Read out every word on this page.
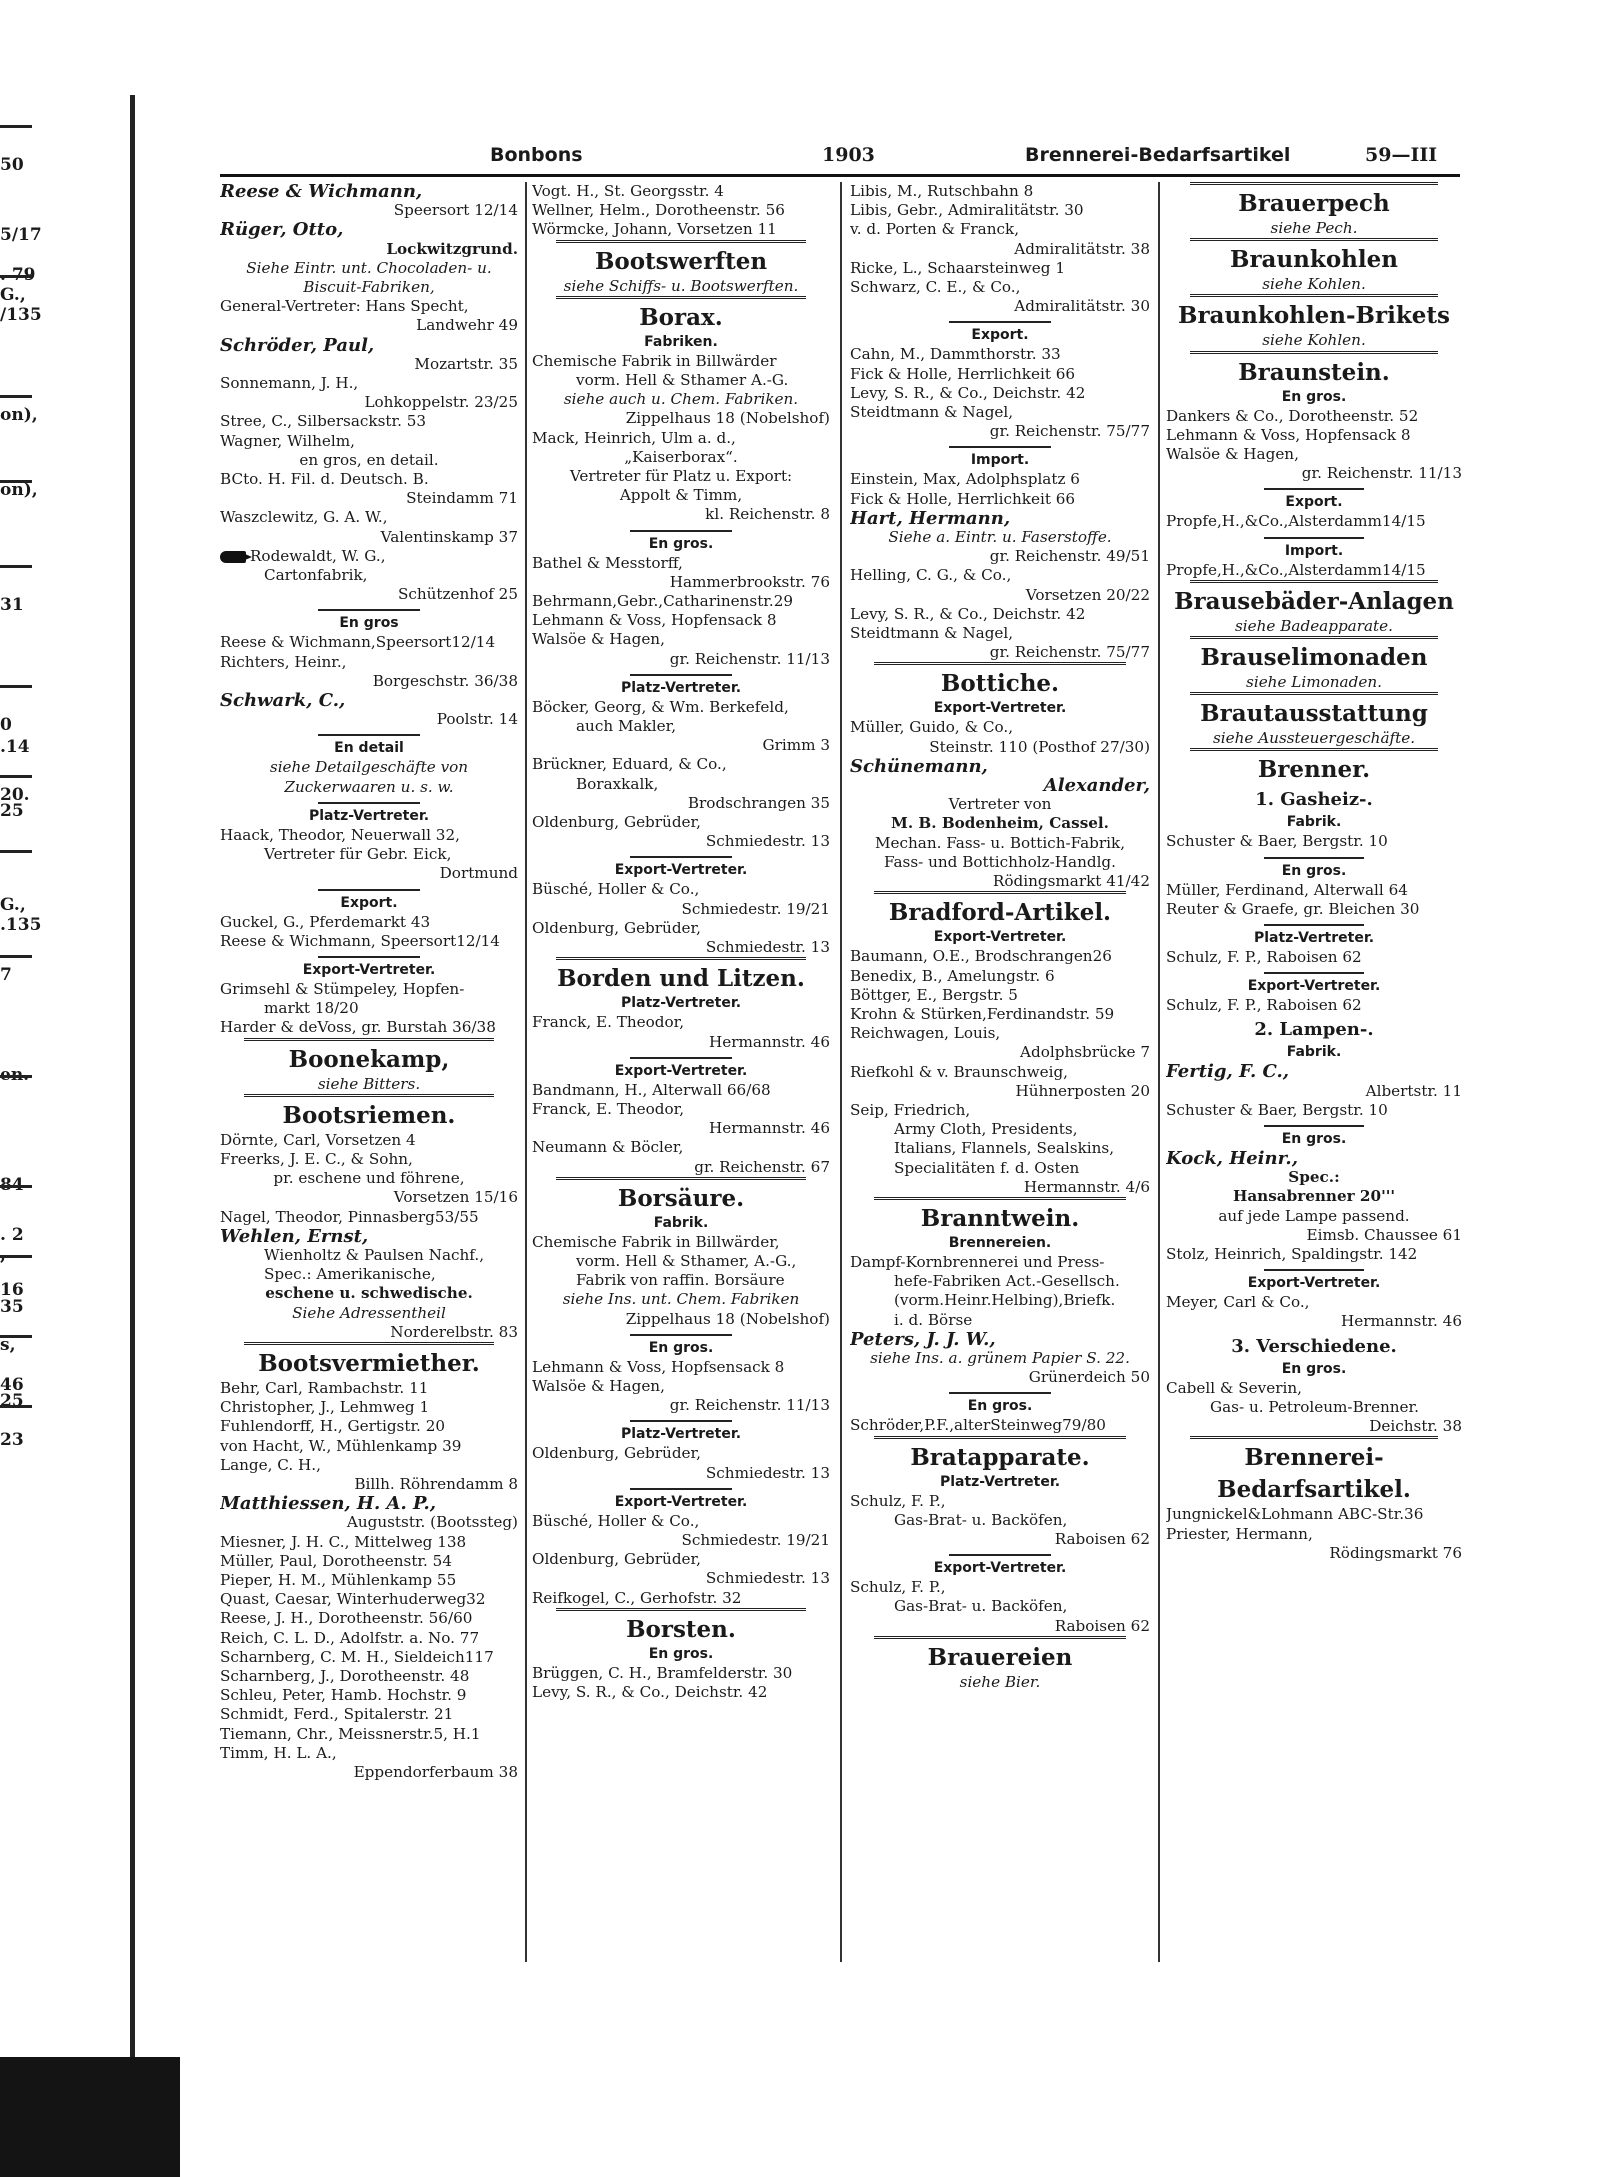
50
5/17
. 79
G.,
/135
on),
on),
31
0
.14
20.
25
G.,
.135
7
en.
84
. 2
,
16
35
s,
46
25
23
Bonbons	1903	Brennerei-Bedarfsartikel	59—III
Reese & Wichmann,
Speersort 12/14
Rüger, Otto,
Lockwitzgrund.
Siehe Eintr. unt. Chocoladen- u.
Biscuit-Fabriken,
General-Vertreter: Hans Specht,
Landwehr 49
Schröder, Paul,
Mozartstr. 35
Sonnemann, J. H.,
Lohkoppelstr. 23/25
Stree, C., Silbersackstr. 53
Wagner, Wilhelm,
en gros, en detail.
BCto. H. Fil. d. Deutsch. B.
Steindamm 71
Waszclewitz, G. A. W.,
Valentinskamp 37
Rodewaldt, W. G.,
Cartonfabrik,
Schützenhof 25
En gros
Reese & Wichmann,Speersort12/14
Richters, Heinr.,
Borgeschstr. 36/38
Schwark, C.,
Poolstr. 14
En detail
siehe Detailgeschäfte von
Zuckerwaaren u. s. w.
Platz-Vertreter.
Haack, Theodor, Neuerwall 32,
Vertreter für Gebr. Eick,
Dortmund
Export.
Guckel, G., Pferdemarkt 43
Reese & Wichmann, Speersort12/14
Export-Vertreter.
Grimsehl & Stümpeley, Hopfen-
markt 18/20
Harder & deVoss, gr. Burstah 36/38
Boonekamp,
siehe Bitters.
Bootsriemen.
Dörnte, Carl, Vorsetzen 4
Freerks, J. E. C., & Sohn,
pr. eschene und föhrene,
Vorsetzen 15/16
Nagel, Theodor, Pinnasberg53/55
Wehlen, Ernst,
Wienholtz & Paulsen Nachf.,
Spec.: Amerikanische,
eschene u. schwedische.
Siehe Adressentheil
Norderelbstr. 83
Bootsvermiether.
Behr, Carl, Rambachstr. 11
Christopher, J., Lehmweg 1
Fuhlendorff, H., Gertigstr. 20
von Hacht, W., Mühlenkamp 39
Lange, C. H.,
Billh. Röhrendamm 8
Matthiessen, H. A. P.,
Auguststr. (Bootssteg)
Miesner, J. H. C., Mittelweg 138
Müller, Paul, Dorotheenstr. 54
Pieper, H. M., Mühlenkamp 55
Quast, Caesar, Winterhuderweg32
Reese, J. H., Dorotheenstr. 56/60
Reich, C. L. D., Adolfstr. a. No. 77
Scharnberg, C. M. H., Sieldeich117
Scharnberg, J., Dorotheenstr. 48
Schleu, Peter, Hamb. Hochstr. 9
Schmidt, Ferd., Spitalerstr. 21
Tiemann, Chr., Meissnerstr.5, H.1
Timm, H. L. A.,
Eppendorferbaum 38
Vogt. H., St. Georgsstr. 4
Wellner, Helm., Dorotheenstr. 56
Wörmcke, Johann, Vorsetzen 11
Bootswerften
siehe Schiffs- u. Bootswerften.
Borax.
Fabriken.
Chemische Fabrik in Billwärder
vorm. Hell & Sthamer A.-G.
siehe auch u. Chem. Fabriken.
Zippelhaus 18 (Nobelshof)
Mack, Heinrich, Ulm a. d.,
„Kaiserborax“.
Vertreter für Platz u. Export:
Appolt & Timm,
kl. Reichenstr. 8
En gros.
Bathel & Messtorff,
Hammerbrookstr. 76
Behrmann,Gebr.,Catharinenstr.29
Lehmann & Voss, Hopfensack 8
Walsöe & Hagen,
gr. Reichenstr. 11/13
Platz-Vertreter.
Böcker, Georg, & Wm. Berkefeld,
auch Makler,
Grimm 3
Brückner, Eduard, & Co.,
Boraxkalk,
Brodschrangen 35
Oldenburg, Gebrüder,
Schmiedestr. 13
Export-Vertreter.
Büsché, Holler & Co.,
Schmiedestr. 19/21
Oldenburg, Gebrüder,
Schmiedestr. 13
Borden und Litzen.
Platz-Vertreter.
Franck, E. Theodor,
Hermannstr. 46
Export-Vertreter.
Bandmann, H., Alterwall 66/68
Franck, E. Theodor,
Hermannstr. 46
Neumann & Böcler,
gr. Reichenstr. 67
Borsäure.
Fabrik.
Chemische Fabrik in Billwärder,
vorm. Hell & Sthamer, A.-G.,
Fabrik von raffin. Borsäure
siehe Ins. unt. Chem. Fabriken
Zippelhaus 18 (Nobelshof)
En gros.
Lehmann & Voss, Hopfsensack 8
Walsöe & Hagen,
gr. Reichenstr. 11/13
Platz-Vertreter.
Oldenburg, Gebrüder,
Schmiedestr. 13
Export-Vertreter.
Büsché, Holler & Co.,
Schmiedestr. 19/21
Oldenburg, Gebrüder,
Schmiedestr. 13
Reifkogel, C., Gerhofstr. 32
Borsten.
En gros.
Brüggen, C. H., Bramfelderstr. 30
Levy, S. R., & Co., Deichstr. 42
Libis, M., Rutschbahn 8
Libis, Gebr., Admiralitätstr. 30
v. d. Porten & Franck,
Admiralitätstr. 38
Ricke, L., Schaarsteinweg 1
Schwarz, C. E., & Co.,
Admiralitätstr. 30
Export.
Cahn, M., Dammthorstr. 33
Fick & Holle, Herrlichkeit 66
Levy, S. R., & Co., Deichstr. 42
Steidtmann & Nagel,
gr. Reichenstr. 75/77
Import.
Einstein, Max, Adolphsplatz 6
Fick & Holle, Herrlichkeit 66
Hart, Hermann,
Siehe a. Eintr. u. Faserstoffe.
gr. Reichenstr. 49/51
Helling, C. G., & Co.,
Vorsetzen 20/22
Levy, S. R., & Co., Deichstr. 42
Steidtmann & Nagel,
gr. Reichenstr. 75/77
Bottiche.
Export-Vertreter.
Müller, Guido, & Co.,
Steinstr. 110 (Posthof 27/30)
Schünemann,
Alexander,
Vertreter von
M. B. Bodenheim, Cassel.
Mechan. Fass- u. Bottich-Fabrik,
Fass- und Bottichholz-Handlg.
Rödingsmarkt 41/42
Bradford-Artikel.
Export-Vertreter.
Baumann, O.E., Brodschrangen26
Benedix, B., Amelungstr. 6
Böttger, E., Bergstr. 5
Krohn & Stürken,Ferdinandstr. 59
Reichwagen, Louis,
Adolphsbrücke 7
Riefkohl & v. Braunschweig,
Hühnerposten 20
Seip, Friedrich,
Army Cloth, Presidents,
Italians, Flannels, Sealskins,
Specialitäten f. d. Osten
Hermannstr. 4/6
Branntwein.
Brennereien.
Dampf-Kornbrennerei und Press-
hefe-Fabriken Act.-Gesellsch.
(vorm.Heinr.Helbing),Briefk.
i. d. Börse
Peters, J. J. W.,
siehe Ins. a. grünem Papier S. 22.
Grünerdeich 50
En gros.
Schröder,P.F.,alterSteinweg79/80
Bratapparate.
Platz-Vertreter.
Schulz, F. P.,
Gas-Brat- u. Backöfen,
Raboisen 62
Export-Vertreter.
Schulz, F. P.,
Gas-Brat- u. Backöfen,
Raboisen 62
Brauereien
siehe Bier.
Brauerpech
siehe Pech.
Braunkohlen
siehe Kohlen.
Braunkohlen-Brikets
siehe Kohlen.
Braunstein.
En gros.
Dankers & Co., Dorotheenstr. 52
Lehmann & Voss, Hopfensack 8
Walsöe & Hagen,
gr. Reichenstr. 11/13
Export.
Propfe,H.,&Co.,Alsterdamm14/15
Import.
Propfe,H.,&Co.,Alsterdamm14/15
Brausebäder-Anlagen
siehe Badeapparate.
Brauselimonaden
siehe Limonaden.
Brautausstattung
siehe Aussteuergeschäfte.
Brenner.
1. Gasheiz-.
Fabrik.
Schuster & Baer, Bergstr. 10
En gros.
Müller, Ferdinand, Alterwall 64
Reuter & Graefe, gr. Bleichen 30
Platz-Vertreter.
Schulz, F. P., Raboisen 62
Export-Vertreter.
Schulz, F. P., Raboisen 62
2. Lampen-.
Fabrik.
Fertig, F. C.,
Albertstr. 11
Schuster & Baer, Bergstr. 10
En gros.
Kock, Heinr.,
Spec.:
Hansabrenner 20'''
auf jede Lampe passend.
Eimsb. Chaussee 61
Stolz, Heinrich, Spaldingstr. 142
Export-Vertreter.
Meyer, Carl & Co.,
Hermannstr. 46
3. Verschiedene.
En gros.
Cabell & Severin,
Gas- u. Petroleum-Brenner.
Deichstr. 38
Brennerei-
Bedarfsartikel.
Jungnickel&Lohmann ABC-Str.36
Priester, Hermann,
Rödingsmarkt 76
